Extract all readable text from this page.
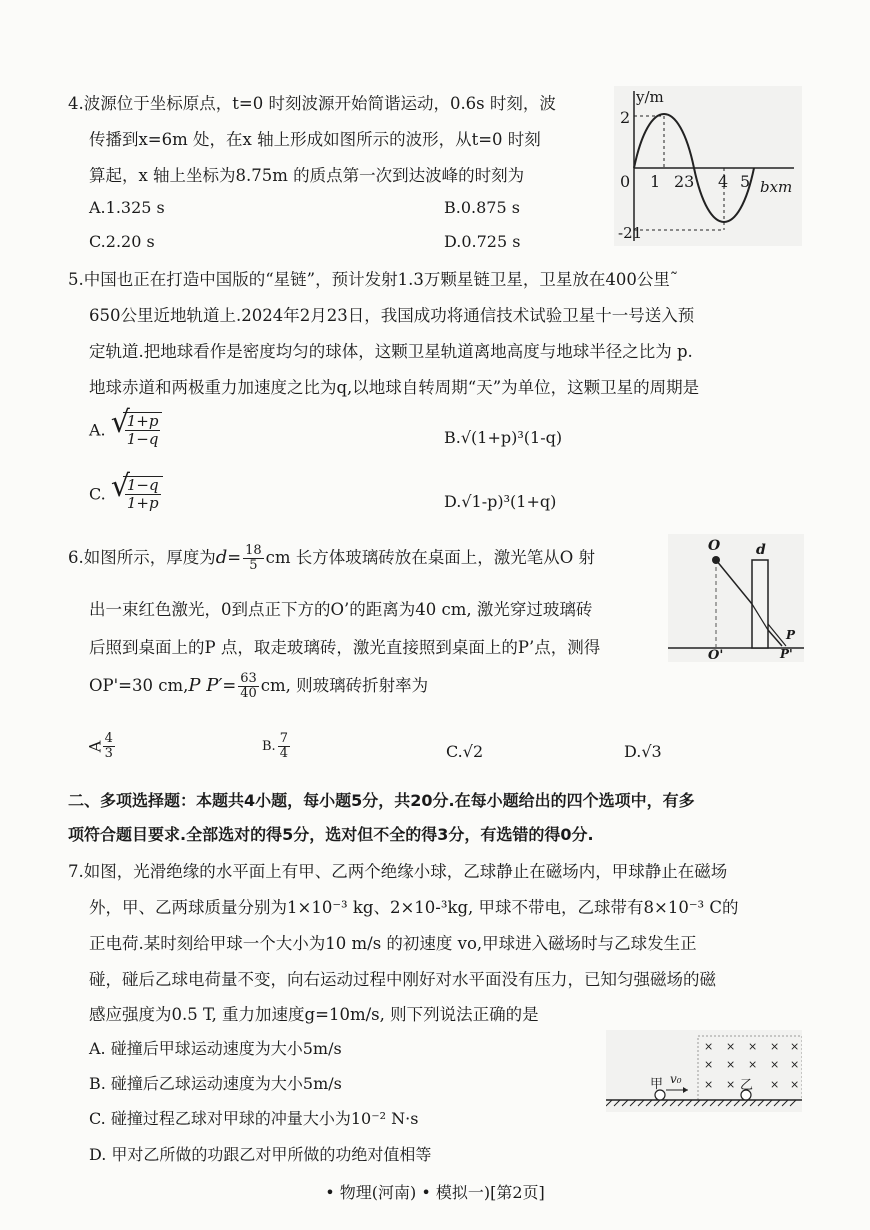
4.波源位于坐标原点，t=0 时刻波源开始简谐运动，0.6s 时刻，波
传播到x=6m 处，在x 轴上形成如图所示的波形，从t=0 时刻
算起，x 轴上坐标为8.75m 的质点第一次到达波峰的时刻为
A.1.325 s	B.0.875 s
C.2.20 s	D.0.725 s
y/m
2
0 1 23 4 5 bxm
-21
5.中国也正在打造中国版的“星链”，预计发射1.3万颗星链卫星，卫星放在400公里˜
650公里近地轨道上.2024年2月23日，我国成功将通信技术试验卫星十一号送入预
定轨道.把地球看作是密度均匀的球体，这颗卫星轨道离地高度与地球半径之比为 p.
地球赤道和两极重力加速度之比为q,以地球自转周期“天”为单位，这颗卫星的周期是
A. √
$\frac{1+p}{1-q}$	B.√(1+p)³(1-q)
C. √
$\frac{1-q}{1+p}$	D.√1-p)³(1+q)
6.如图所示，厚度为$d= \frac{18}{5}$ cm 长方体玻璃砖放在桌面上，激光笔从O 射
出一束红色激光，0到点正下方的O’的距离为40 cm, 激光穿过玻璃砖
后照到桌面上的P 点，取走玻璃砖，激光直接照到桌面上的P’点，测得
OP'=30 cm,P $P'= \frac{63}{40}$ cm, 则玻璃砖折射率为
A
$\frac{4}{3}$	B. $\frac{7}{4}$	C.√2	D.√3
O	d
O'
P
P'
二、多项选择题：本题共4小题，每小题5分，共20分.在每小题给出的四个选项中，有多
项符合题目要求.全部选对的得5分，选对但不全的得3分，有选错的得0分.
7.如图，光滑绝缘的水平面上有甲、乙两个绝缘小球，乙球静止在磁场内，甲球静止在磁场
外，甲、乙两球质量分别为1×10⁻³ kg、2×10-³kg, 甲球不带电，乙球带有8×10⁻³ C的
正电荷.某时刻给甲球一个大小为10 m/s 的初速度 vo,甲球进入磁场时与乙球发生正
碰，碰后乙球电荷量不变，向右运动过程中刚好对水平面没有压力，已知匀强磁场的磁
感应强度为0.5 T, 重力加速度g=10m/s, 则下列说法正确的是
A. 碰撞后甲球运动速度为大小5m/s
B. 碰撞后乙球运动速度为大小5m/s
C. 碰撞过程乙球对甲球的冲量大小为10⁻² N·s
D. 甲对乙所做的功跟乙对甲所做的功绝对值相等
甲 v₀	乙
× × × × ×
× × × × ×
× ×	× ×
• 物理(河南) • 模拟一)[第2页]
